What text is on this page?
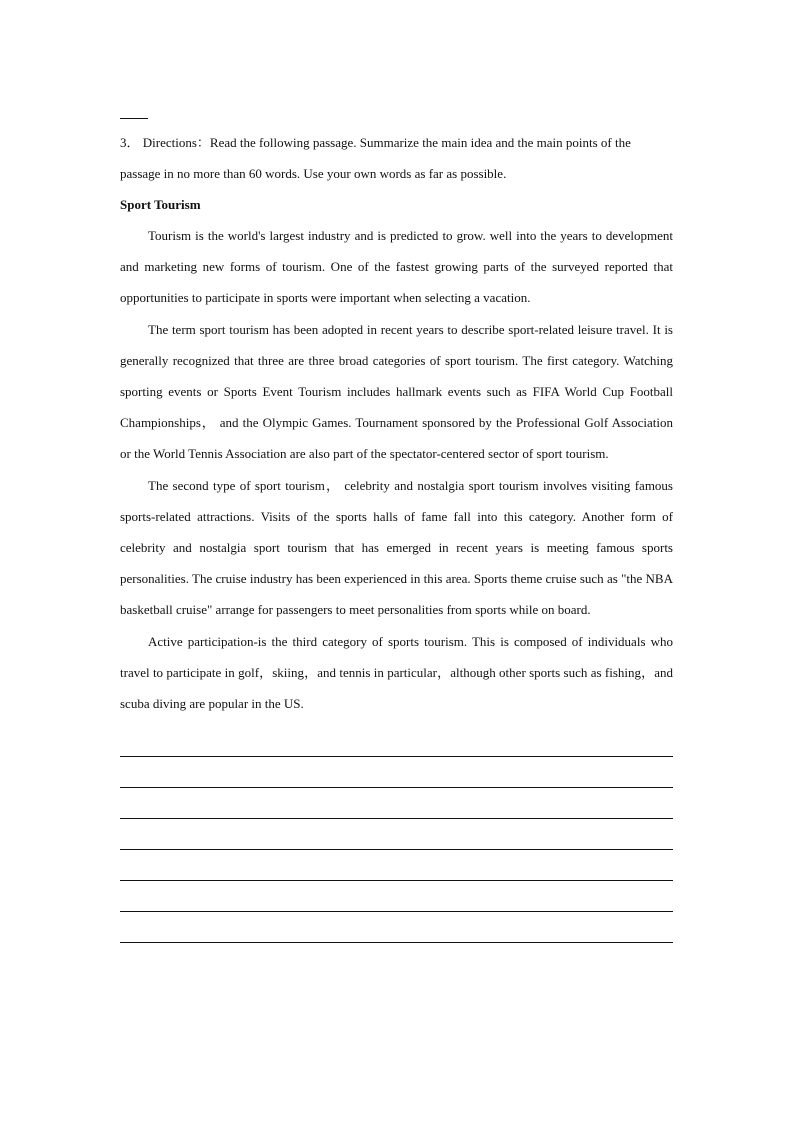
3． Directions：Read the following passage. Summarize the main idea and the main points of the passage in no more than 60 words. Use your own words as far as possible.

Sport Tourism

Tourism is the world's largest industry and is predicted to grow. well into the years to development and marketing new forms of tourism. One of the fastest growing parts of the surveyed reported that opportunities to participate in sports were important when selecting a vacation.

The term sport tourism has been adopted in recent years to describe sport-related leisure travel. It is generally recognized that three are three broad categories of sport tourism. The first category. Watching sporting events or Sports Event Tourism includes hallmark events such as FIFA World Cup Football Championships， and the Olympic Games. Tournament sponsored by the Professional Golf Association or the World Tennis Association are also part of the spectator-centered sector of sport tourism.

The second type of sport tourism， celebrity and nostalgia sport tourism involves visiting famous sports-related attractions. Visits of the sports halls of fame fall into this category. Another form of celebrity and nostalgia sport tourism that has emerged in recent years is meeting famous sports personalities. The cruise industry has been experienced in this area. Sports theme cruise such as "the NBA basketball cruise" arrange for passengers to meet personalities from sports while on board.

Active participation-is the third category of sports tourism. This is composed of individuals who travel to participate in golf，skiing，and tennis in particular，although other sports such as fishing，and scuba diving are popular in the US.
